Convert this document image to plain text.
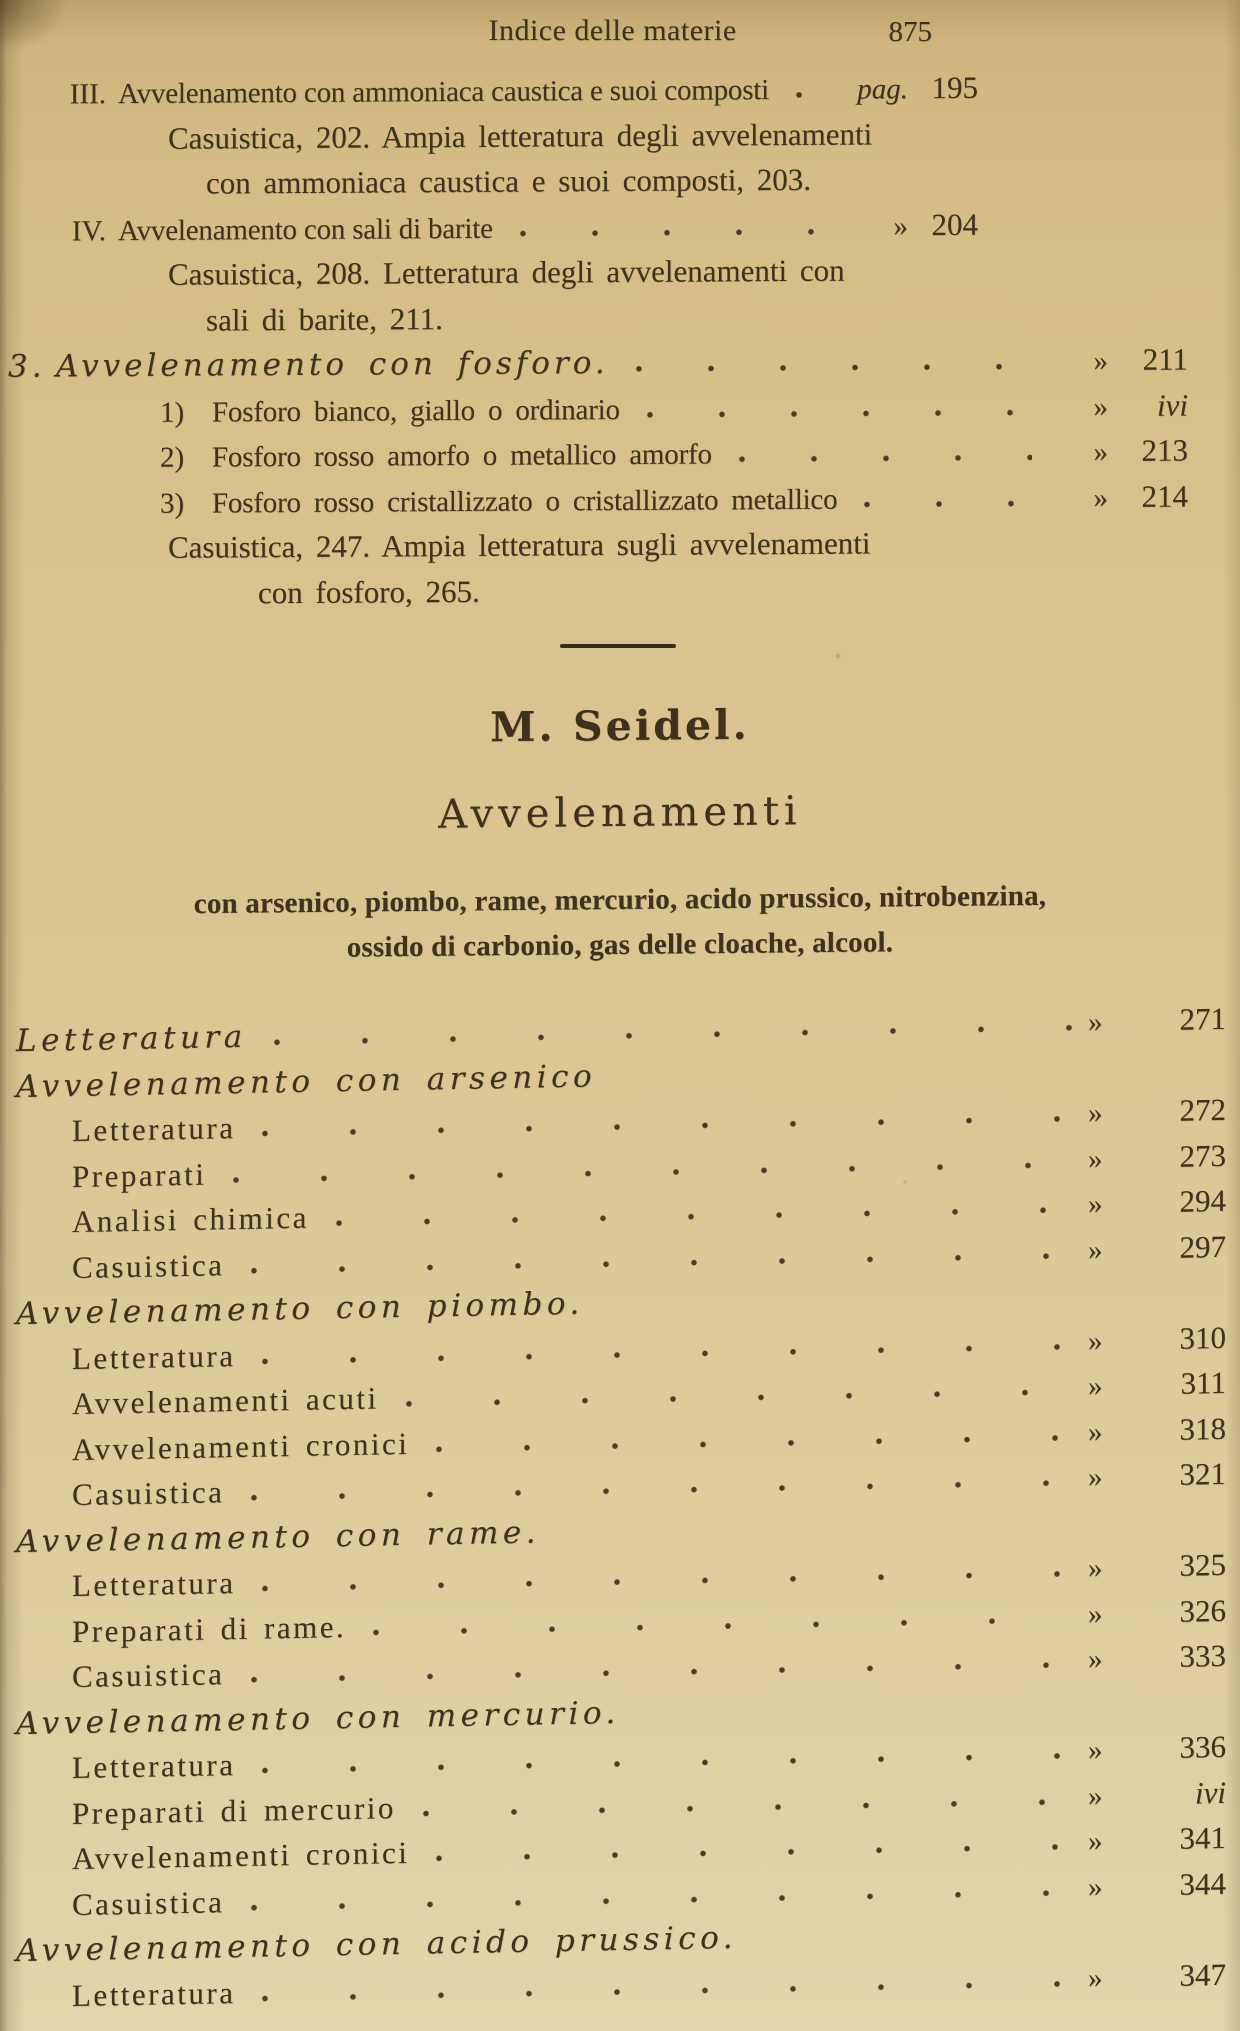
Indice delle materie	875
III. Avvelenamento con ammoniaca caustica e suoi composti	pag. 195
Casuistica, 202. Ampia letteratura degli avvelenamenti
con ammoniaca caustica e suoi composti, 203.
IV. Avvelenamento con sali di barite	» 204
Casuistica, 208. Letteratura degli avvelenamenti con
sali di barite, 211.
3. Avvelenamento con fosforo.	»	211
1) Fosforo bianco, giallo o ordinario	»	ivi
2) Fosforo rosso amorfo o metallico amorfo	»	213
3) Fosforo rosso cristallizzato o cristallizzato metallico	»	214
Casuistica, 247. Ampia letteratura sugli avvelenamenti
con fosforo, 265.
M. Seidel.
Avvelenamenti
con arsenico, piombo, rame, mercurio, acido prussico, nitrobenzina,
ossido di carbonio, gas delle cloache, alcool.
Letteratura	»	271
Avvelenamento con arsenico
Letteratura	»	272
Preparati	»	273
Analisi chimica	»	294
Casuistica	»	297
Avvelenamento con piombo.
Letteratura	»	310
Avvelenamenti acuti	»	311
Avvelenamenti cronici	»	318
Casuistica	»	321
Avvelenamento con rame.
Letteratura	»	325
Preparati di rame.	»	326
Casuistica	»	333
Avvelenamento con mercurio.
Letteratura	»	336
Preparati di mercurio	»	ivi
Avvelenamenti cronici	»	341
Casuistica	»	344
Avvelenamento con acido prussico.
Letteratura	»	347
